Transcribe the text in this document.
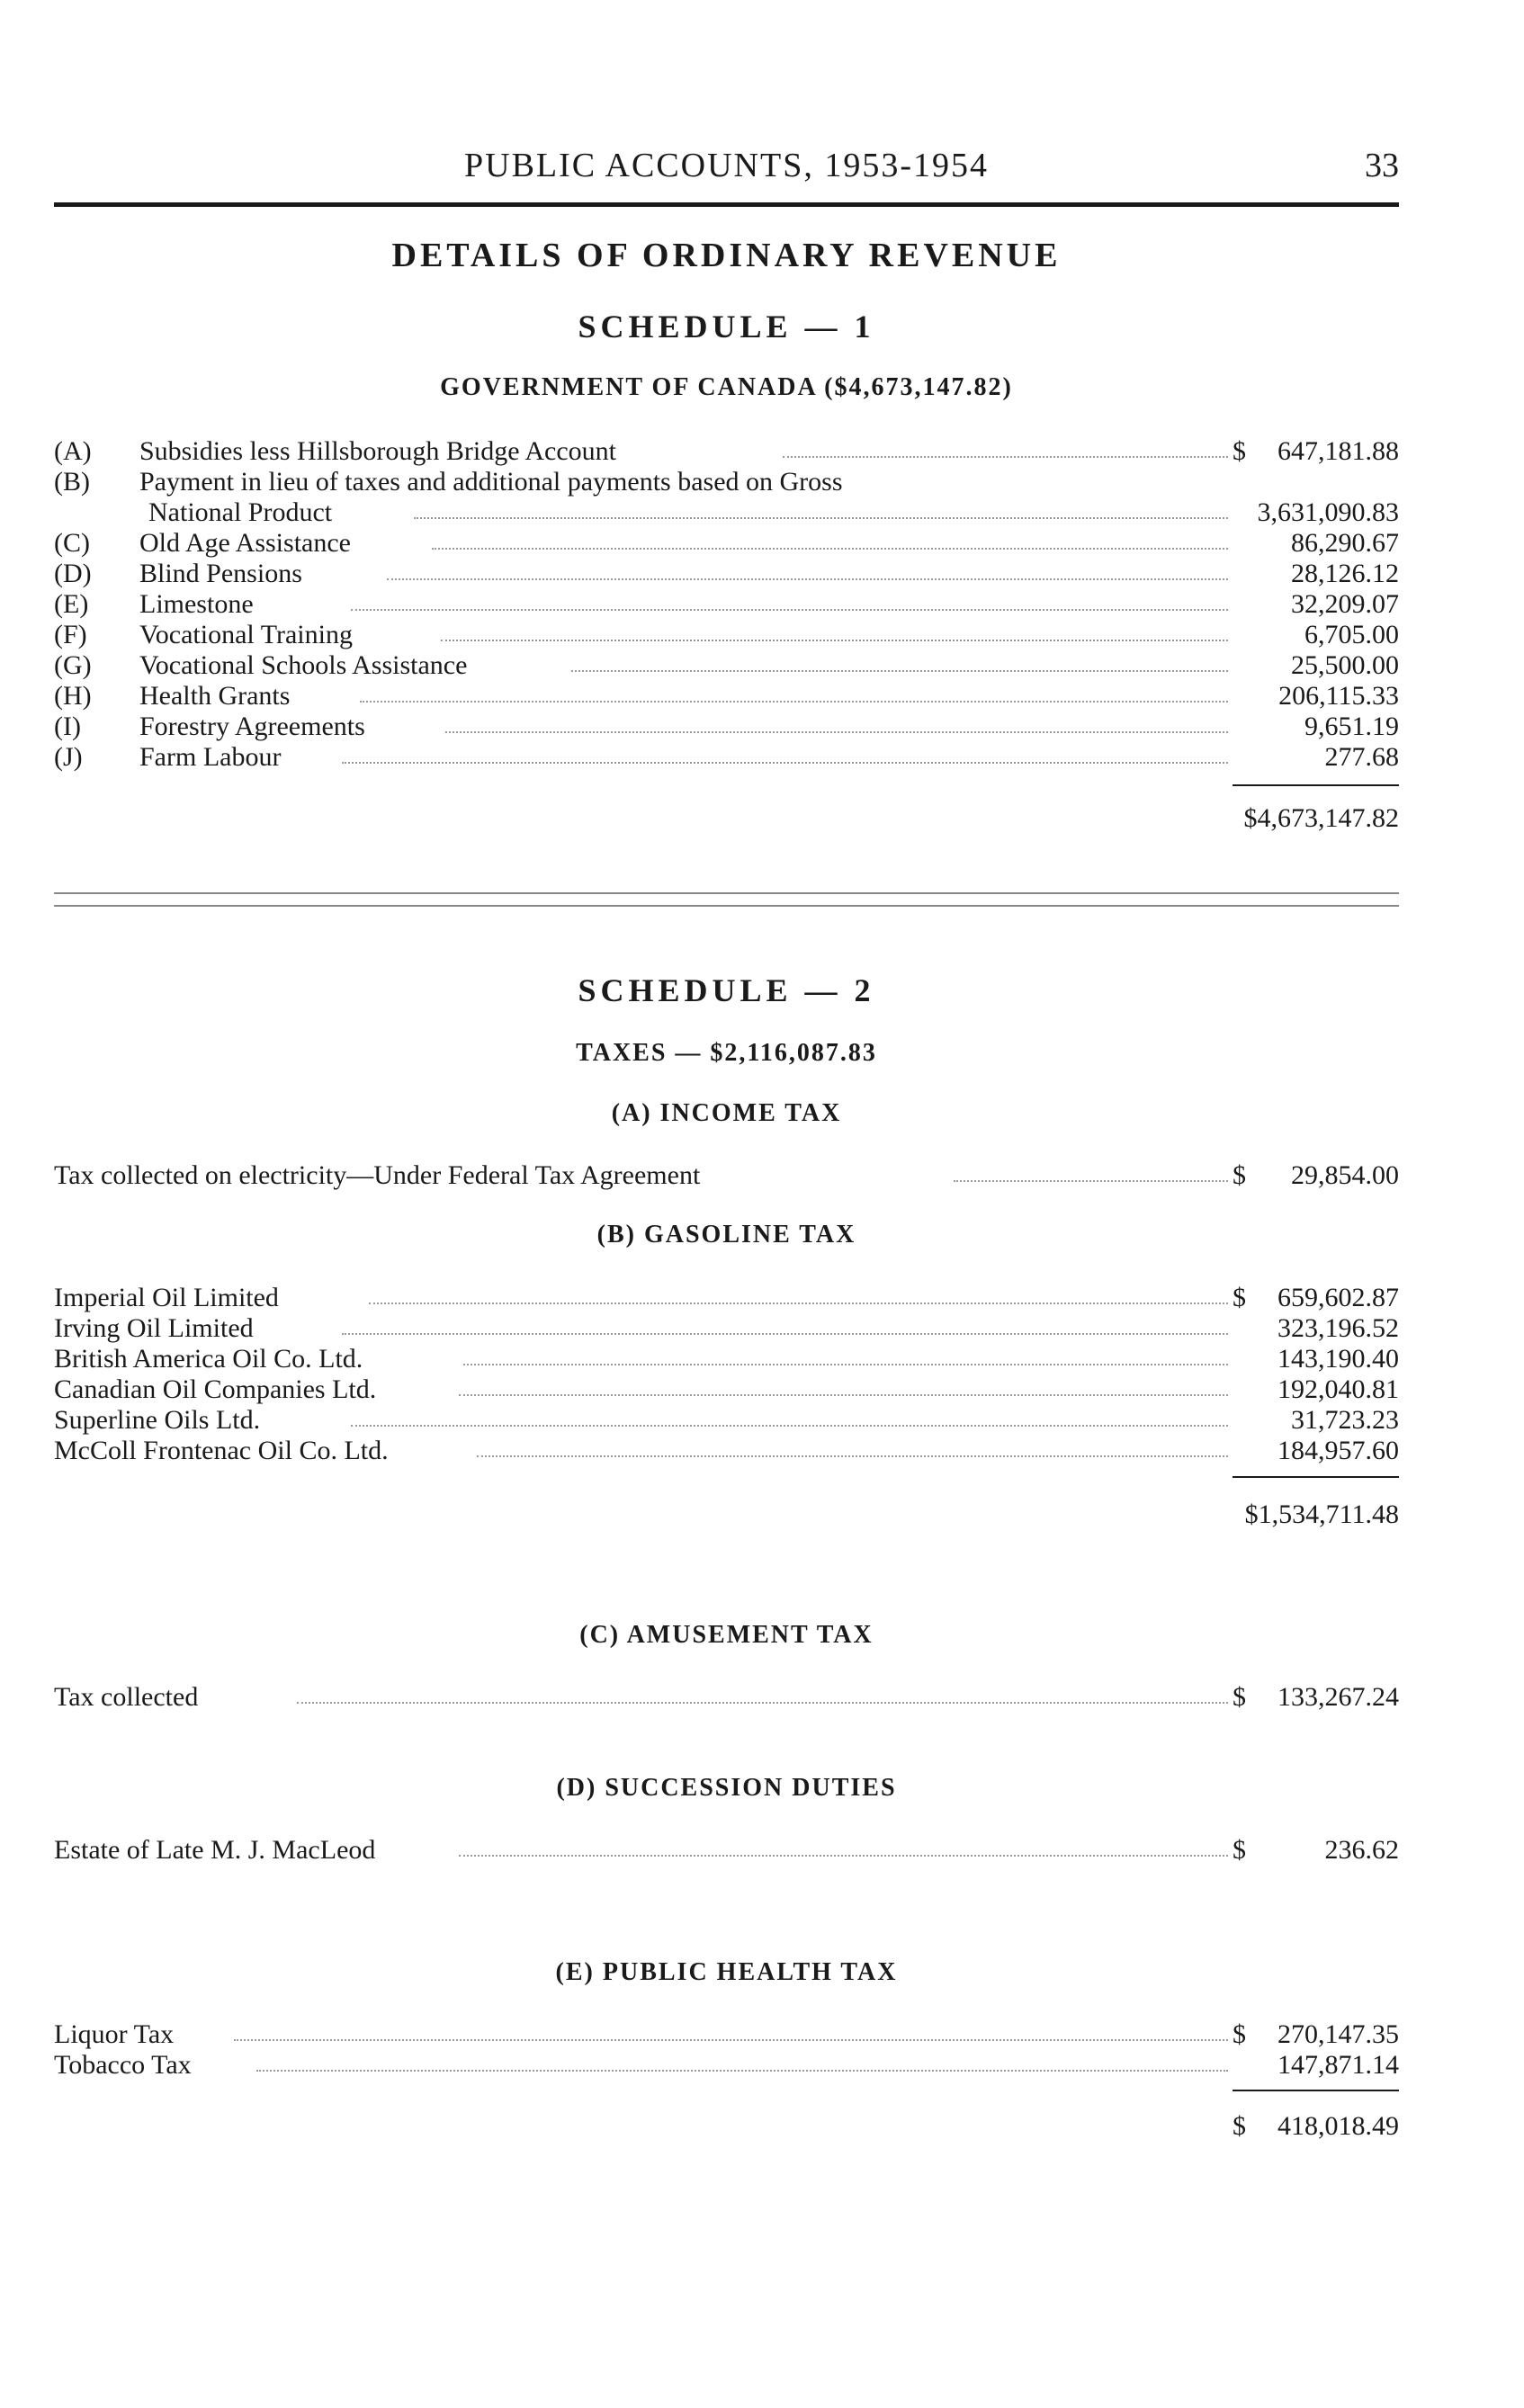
PUBLIC ACCOUNTS, 1953-1954	33
DETAILS OF ORDINARY REVENUE
SCHEDULE — 1
GOVERNMENT OF CANADA ($4,673,147.82)
(A)	Subsidies less Hillsborough Bridge Account	$ 647,181.88
(B)	Payment in lieu of taxes and additional payments based on Gross
National Product	3,631,090.83
(C)	Old Age Assistance	86,290.67
(D)	Blind Pensions	28,126.12
(E)	Limestone	32,209.07
(F)	Vocational Training	6,705.00
(G)	Vocational Schools Assistance	25,500.00
(H)	Health Grants	206,115.33
(I)	Forestry Agreements	9,651.19
(J)	Farm Labour	277.68
$4,673,147.82
SCHEDULE — 2
TAXES — $2,116,087.83
(A) INCOME TAX
Tax collected on electricity—Under Federal Tax Agreement	$ 29,854.00
(B) GASOLINE TAX
Imperial Oil Limited	$ 659,602.87
Irving Oil Limited	323,196.52
British America Oil Co. Ltd.	143,190.40
Canadian Oil Companies Ltd.	192,040.81
Superline Oils Ltd.	31,723.23
McColl Frontenac Oil Co. Ltd.	184,957.60
$1,534,711.48
(C) AMUSEMENT TAX
Tax collected	$ 133,267.24
(D) SUCCESSION DUTIES
Estate of Late M. J. MacLeod	$	236.62
(E) PUBLIC HEALTH TAX
Liquor Tax	$ 270,147.35
Tobacco Tax	147,871.14
$ 418,018.49
